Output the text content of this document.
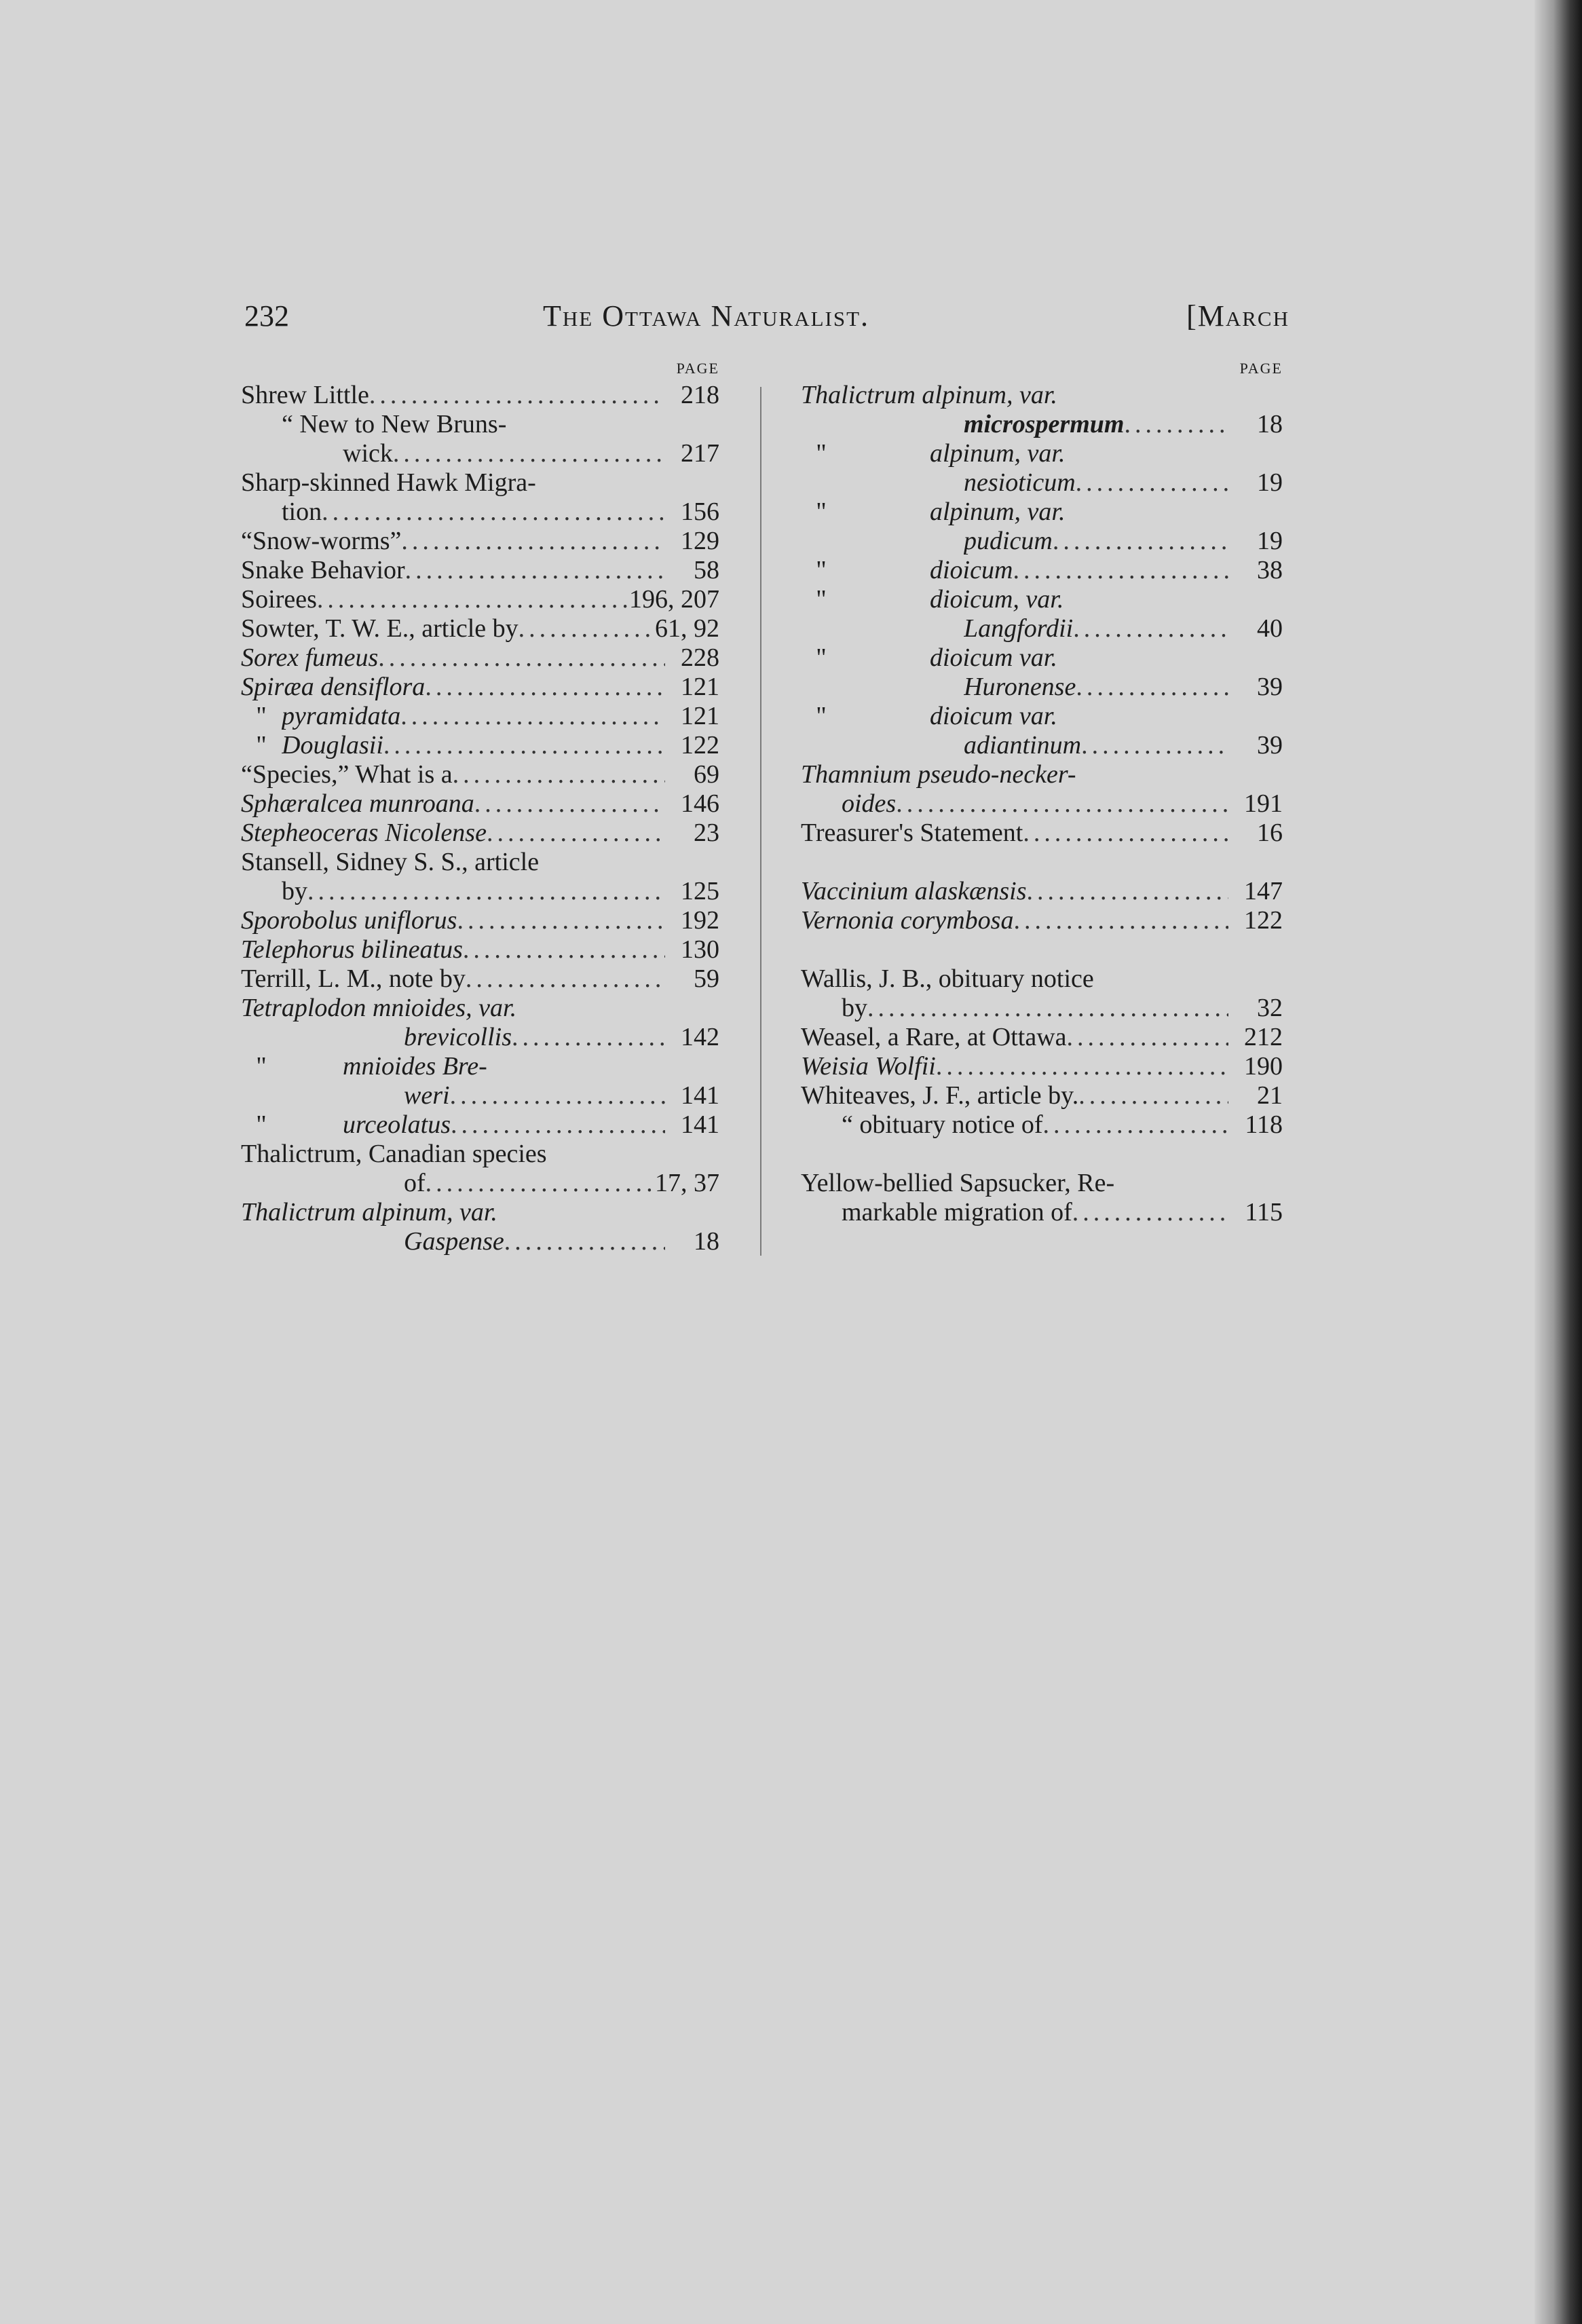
232	The Ottawa Naturalist.	[March
PAGE
Shrew Little .....	218
“ New to New Bruns-
wick .....	217
Sharp-skinned Hawk Migra-
tion .....	156
“Snow-worms” .....	129
Snake Behavior .....	58
Soirees .....	196, 207
Sowter, T. W. E., article by .....	61, 92
Sorex fumeus .....	228
Spiræa densiflora .....	121
" pyramidata .....	121
" Douglasii .....	122
“Species,” What is a .....	69
Sphæralcea munroana .....	146
Stepheoceras Nicolense .....	23
Stansell, Sidney S. S., article
by .....	125
Sporobolus uniflorus .....	192
Telephorus bilineatus .....	130
Terrill, L. M., note by .....	59
Tetraplodon mnioides, var.
brevicollis .....	142
"	mnioides Bre-
weri .....	141
"	urceolatus .....	141
Thalictrum, Canadian species
of .....	17, 37
Thalictrum alpinum, var.
Gaspense .....	18
PAGE
Thalictrum alpinum, var.
microspermum .....	18
"	alpinum, var.
nesioticum .....	19
"	alpinum, var.
pudicum .....	19
"	dioicum .....	38
"	dioicum, var.
Langfordii .....	40
"	dioicum var.
Huronense .....	39
"	dioicum var.
adiantinum .....	39
Thamnium pseudo-necker-
oides .....	191
Treasurer's Statement .....	16
Vaccinium alaskænsis .....	147
Vernonia corymbosa .....	122
Wallis, J. B., obituary notice
by .....	32
Weasel, a Rare, at Ottawa .....	212
Weisia Wolfii .....	190
Whiteaves, J. F., article by. .....	21
“ obituary notice of .....	118
Yellow-bellied Sapsucker, Re-
markable migration of .....	115
